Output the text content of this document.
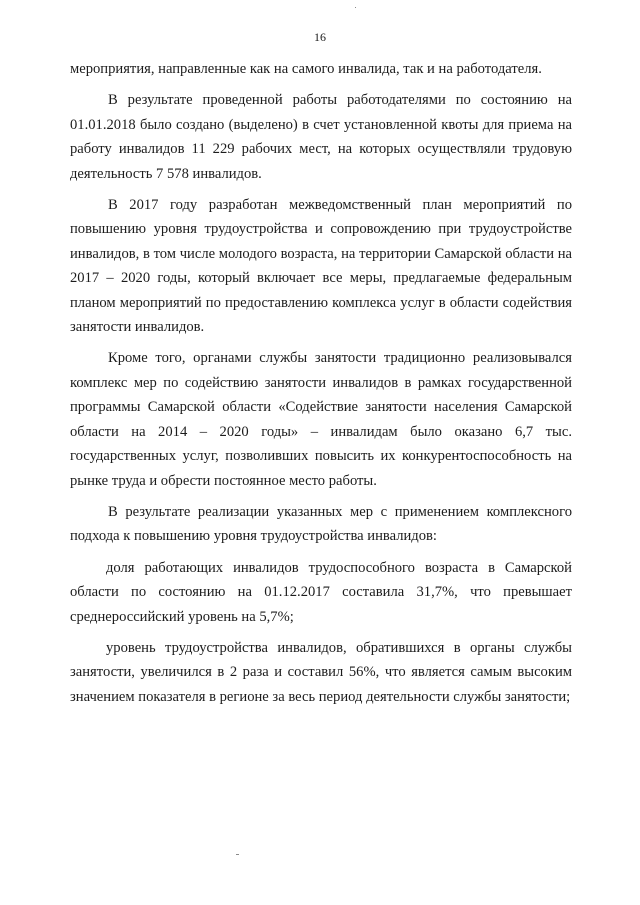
16

мероприятия, направленные как на самого инвалида, так и на работодателя.

В результате проведенной работы работодателями по состоянию на 01.01.2018 было создано (выделено) в счет установленной квоты для приема на работу инвалидов 11 229 рабочих мест, на которых осуществляли трудовую деятельность 7 578 инвалидов.

В 2017 году разработан межведомственный план мероприятий по повышению уровня трудоустройства и сопровождению при трудоустройстве инвалидов, в том числе молодого возраста, на территории Самарской области на 2017 – 2020 годы, который включает все меры, предлагаемые федеральным планом мероприятий по предоставлению комплекса услуг в области содействия занятости инвалидов.

Кроме того, органами службы занятости традиционно реализовывался комплекс мер по содействию занятости инвалидов в рамках государственной программы Самарской области «Содействие занятости населения Самарской области на 2014 – 2020 годы» – инвалидам было оказано 6,7 тыс. государственных услуг, позволивших повысить их конкурентоспособность на рынке труда и обрести постоянное место работы.

В результате реализации указанных мер с применением комплексного подхода к повышению уровня трудоустройства инвалидов:

доля работающих инвалидов трудоспособного возраста в Самарской области по состоянию на 01.12.2017 составила 31,7%, что превышает среднероссийский уровень на 5,7%;

уровень трудоустройства инвалидов, обратившихся в органы службы занятости, увеличился в 2 раза и составил 56%, что является самым высоким значением показателя в регионе за весь период деятельности службы занятости;
